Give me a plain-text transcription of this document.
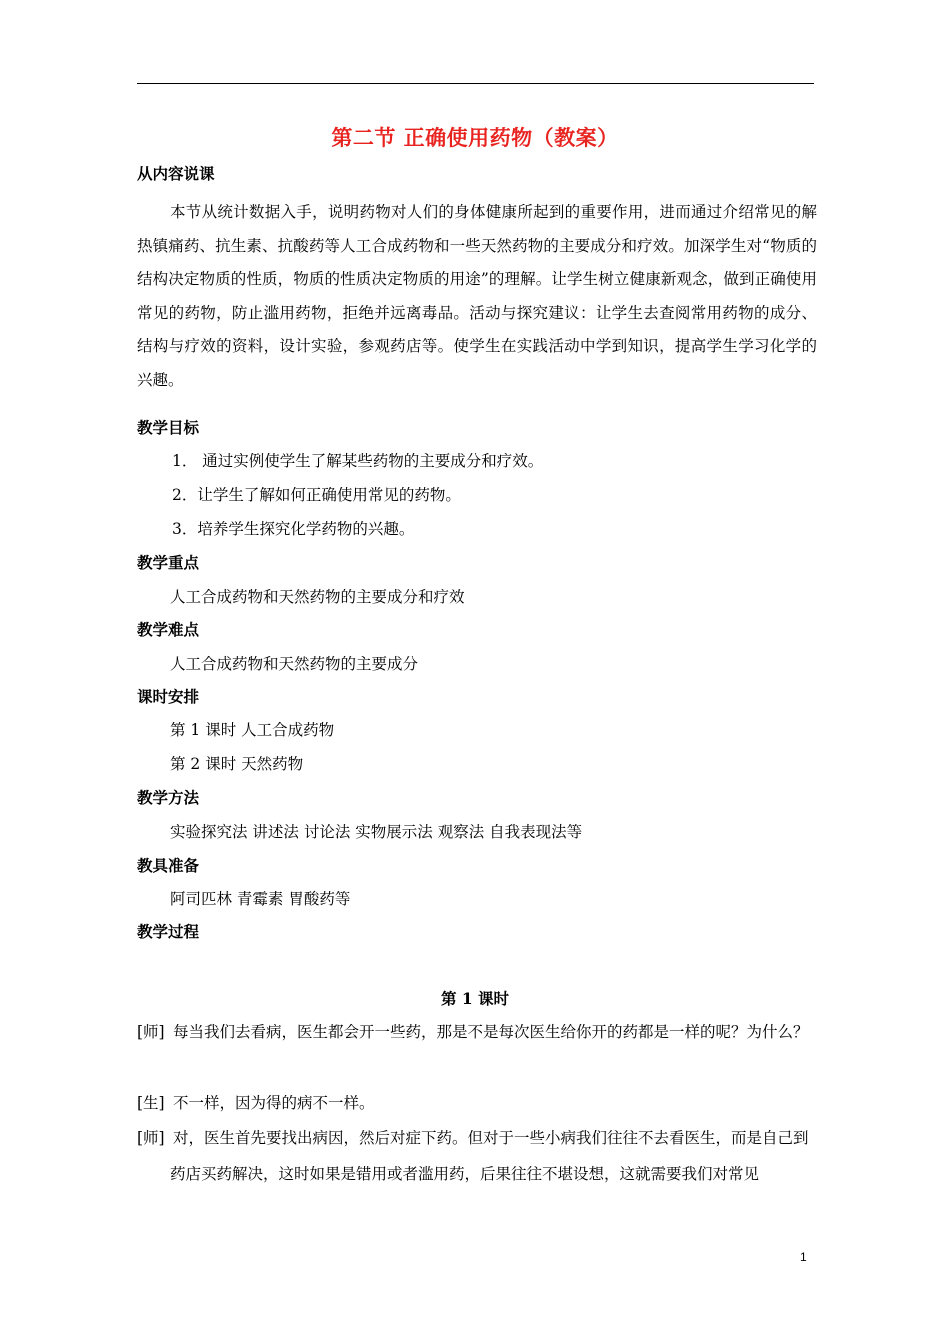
第二节 正确使用药物（教案）
从内容说课
本节从统计数据入手，说明药物对人们的身体健康所起到的重要作用，进而通过介绍常见的解热镇痛药、抗生素、抗酸药等人工合成药物和一些天然药物的主要成分和疗效。加深学生对“物质的结构决定物质的性质，物质的性质决定物质的用途”的理解。让学生树立健康新观念，做到正确使用常见的药物，防止滥用药物，拒绝并远离毒品。活动与探究建议：让学生去查阅常用药物的成分、结构与疗效的资料，设计实验，参观药店等。使学生在实践活动中学到知识，提高学生学习化学的兴趣。
教学目标
1． 通过实例使学生了解某些药物的主要成分和疗效。
2．让学生了解如何正确使用常见的药物。
3．培养学生探究化学药物的兴趣。
教学重点
人工合成药物和天然药物的主要成分和疗效
教学难点
人工合成药物和天然药物的主要成分
课时安排
第 1 课时 人工合成药物
第 2 课时 天然药物
教学方法
实验探究法 讲述法 讨论法 实物展示法 观察法 自我表现法等
教具准备
阿司匹林 青霉素 胃酸药等
教学过程
第 1 课时
[师] 每当我们去看病，医生都会开一些药，那是不是每次医生给你开的药都是一样的呢？为什么？
[生] 不一样，因为得的病不一样。
[师] 对，医生首先要找出病因，然后对症下药。但对于一些小病我们往往不去看医生，而是自己到药店买药解决，这时如果是错用或者滥用药，后果往往不堪设想，这就需要我们对常见
1
